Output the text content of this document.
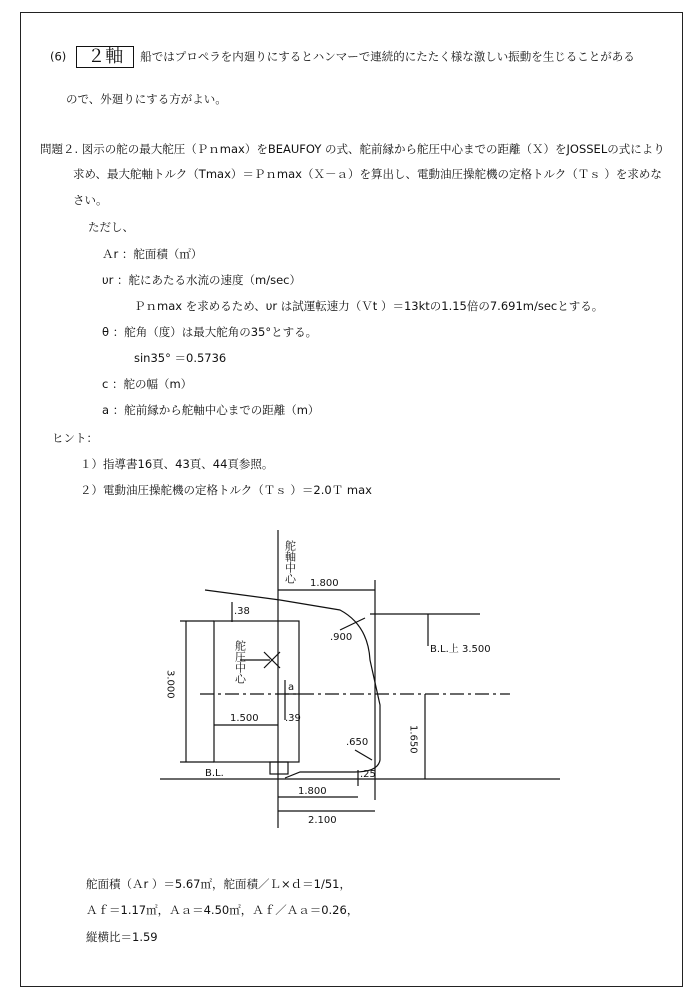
(6) ２軸 船ではプロペラを内廻りにするとハンマーで連続的にたたく様な激しい振動を生じることがある
ので、外廻りにする方がよい。
問題２. 図示の舵の最大舵圧（Ｐｎmax）をBEAUFOY の式、舵前縁から舵圧中心までの距離（Ｘ）をJOSSELの式により
求め、最大舵軸トルク（Tmax）＝Ｐｎmax（Ｘ－ａ）を算出し、電動油圧操舵機の定格トルク（Ｔｓ ）を求めな
さい。
ただし、
Ａr ：舵面積（㎡）
υr ：舵にあたる水流の速度（m/sec）
Ｐｎmax を求めるため、υr は試運転速力（Ｖt ）＝13ktの1.15倍の7.691m/secとする。
θ ：舵角（度）は最大舵角の35°とする。
sin35° ＝0.5736
c ：舵の幅（m）
a ：舵前縁から舵軸中心までの距離（m）
ヒント：
１）指導書16頁、43頁、44頁参照。
２）電動油圧操舵機の定格トルク（Ｔｓ ）＝2.0Ｔ max
舵軸中心
舵圧中心
1.800
.38
.900
B.L.上 3.500
3.000	a
1.500	.39
.650	1.650
B.L.	.25
1.800
2.100
舵面積（Ａr ）＝5.67㎡，舵面積／Ｌ×ｄ＝1/51，
Ａｆ＝1.17㎡，Ａａ＝4.50㎡，Ａｆ／Ａａ＝0.26，
縦横比＝1.59
